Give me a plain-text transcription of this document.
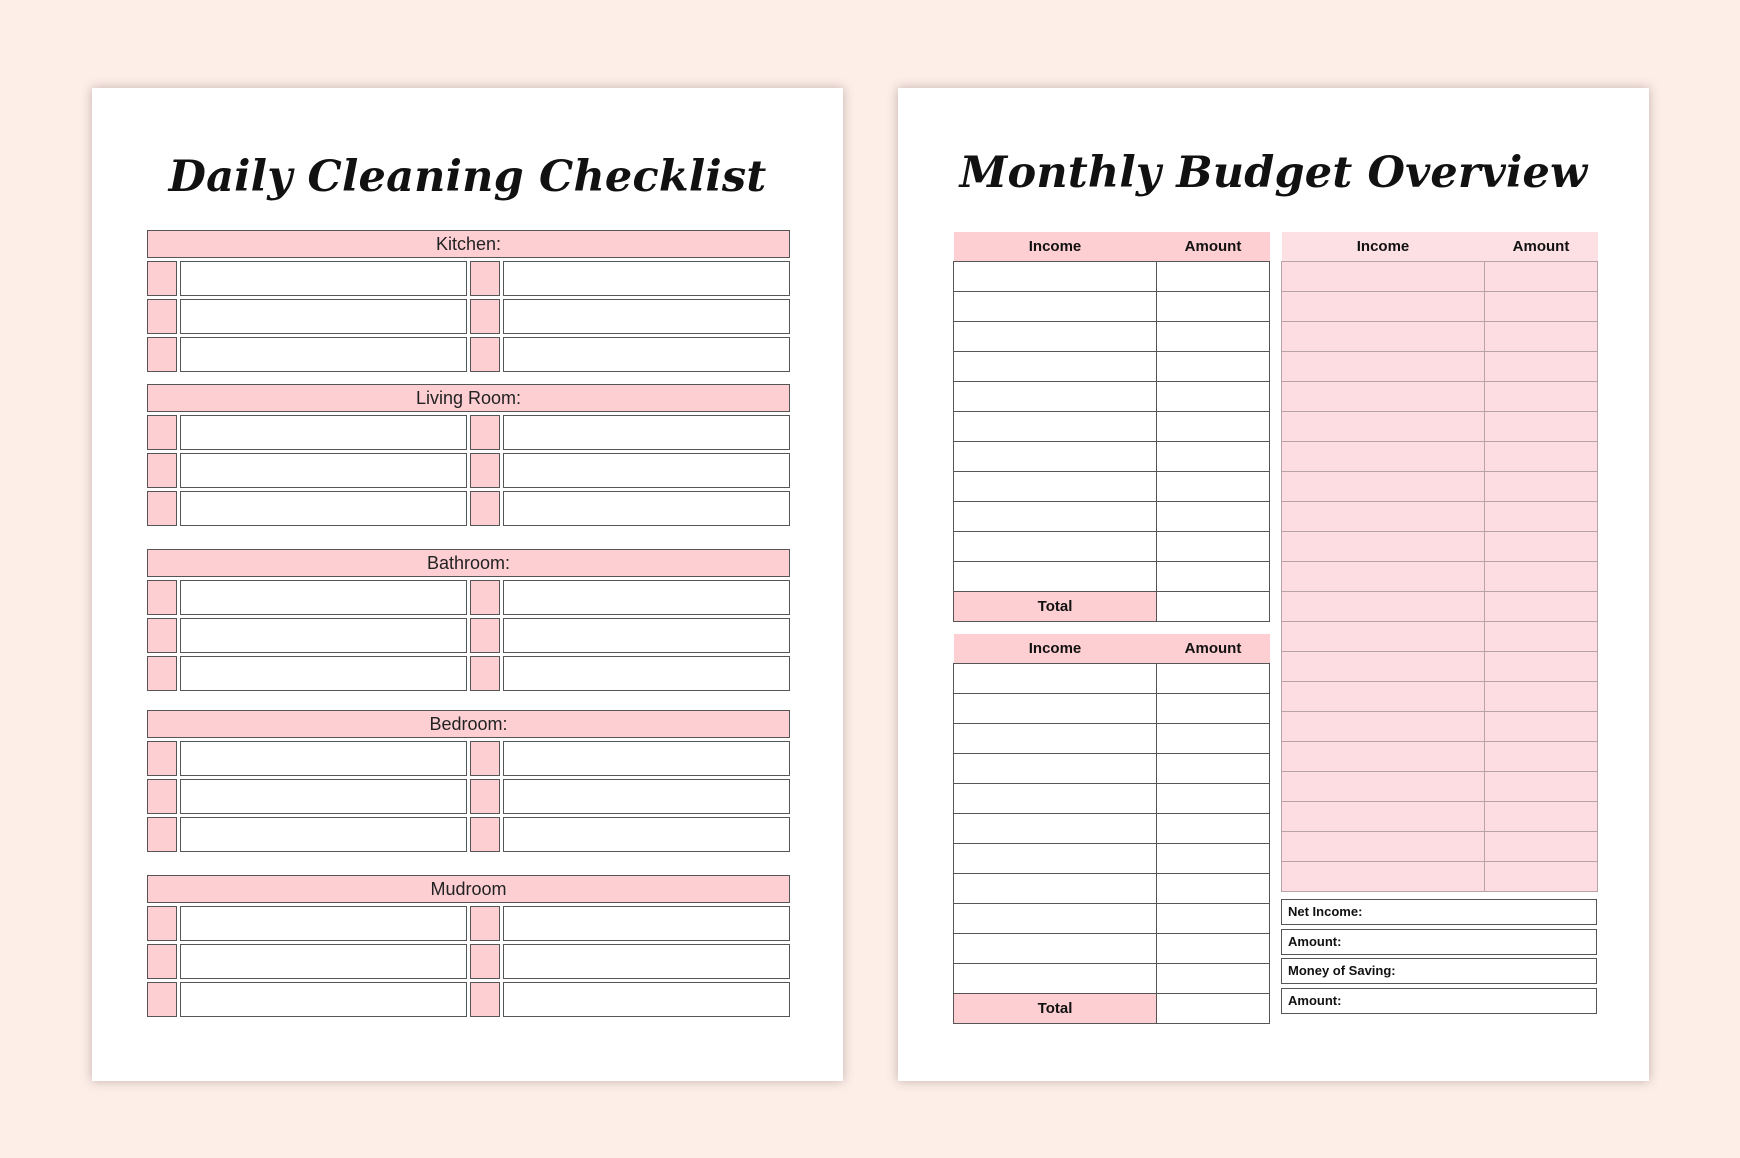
Daily Cleaning Checklist
Kitchen:
Living Room:
Bathroom:
Bedroom:
Mudroom
Monthly Budget Overview
Income	Amount

Total	
Income	Amount

Total	
Income	Amount

Net Income:
Amount:
Money of Saving:
Amount:
